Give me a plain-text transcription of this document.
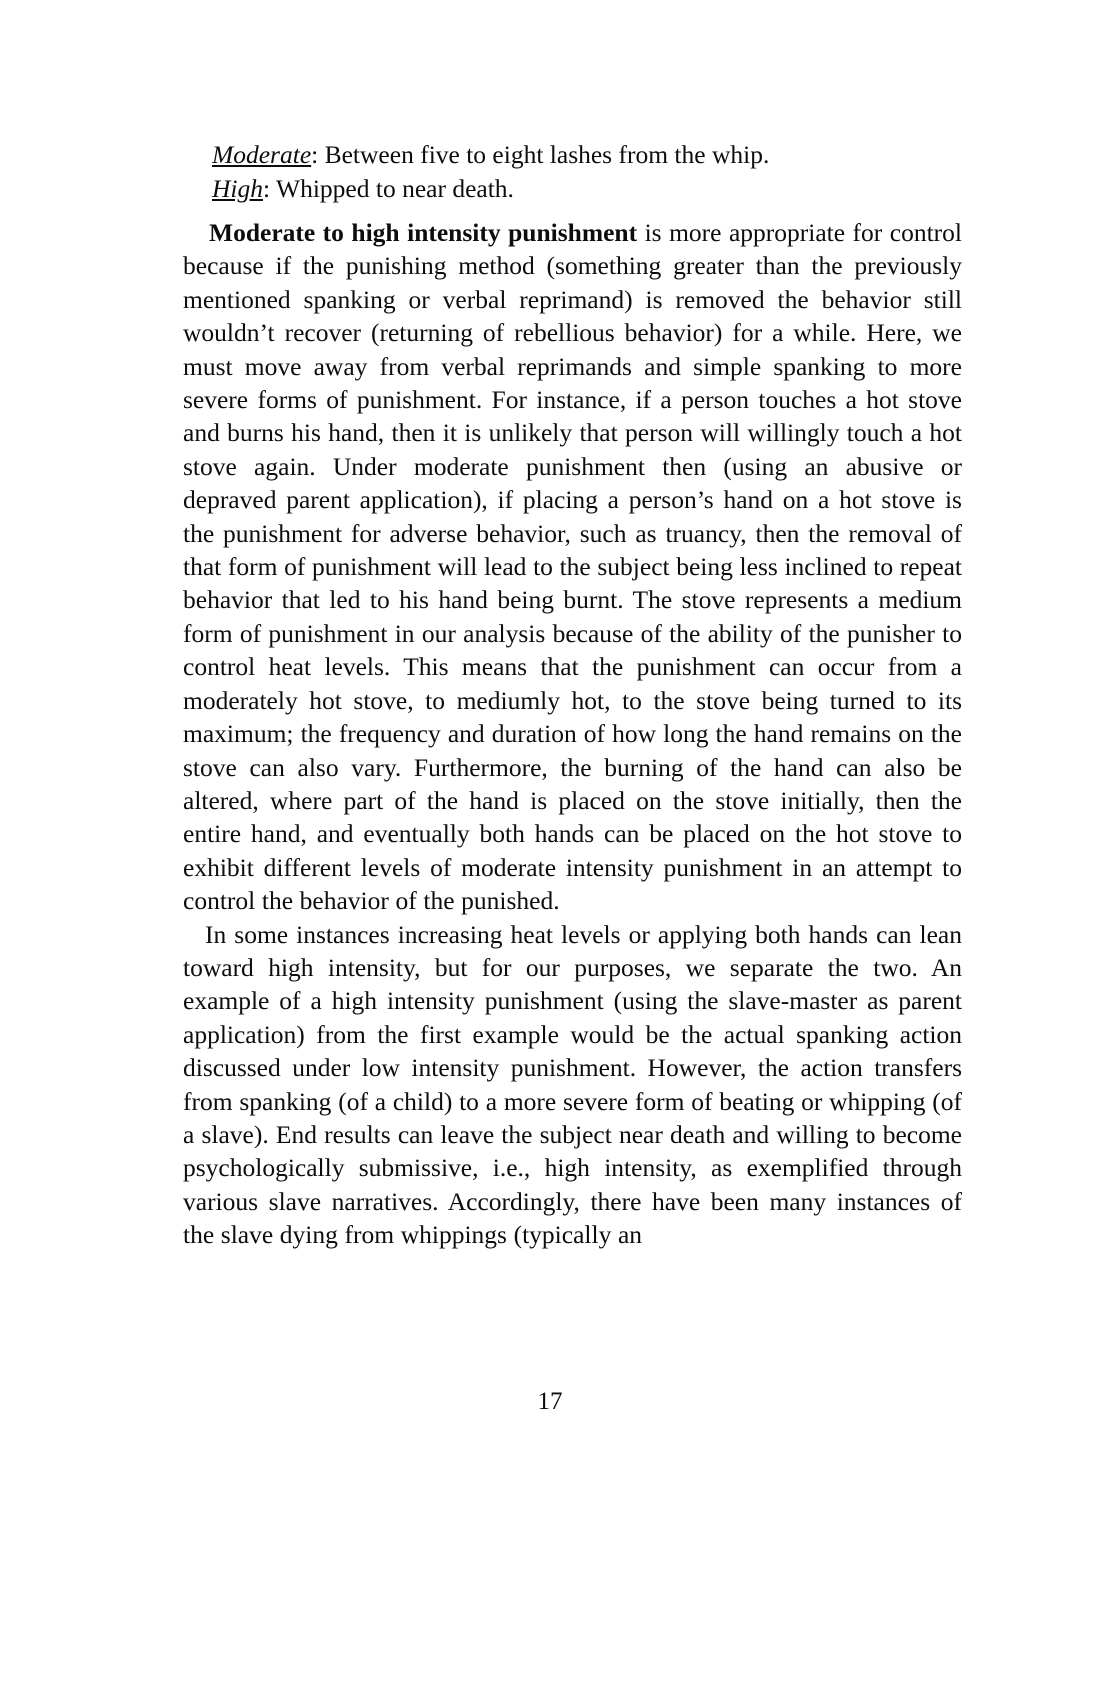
Moderate: Between five to eight lashes from the whip.
High: Whipped to near death.

Moderate to high intensity punishment is more appropriate for control because if the punishing method (something greater than the previously mentioned spanking or verbal reprimand) is removed the behavior still wouldn’t recover (returning of rebellious behavior) for a while. Here, we must move away from verbal reprimands and simple spanking to more severe forms of punishment. For instance, if a person touches a hot stove and burns his hand, then it is unlikely that person will willingly touch a hot stove again. Under moderate punishment then (using an abusive or depraved parent application), if placing a person’s hand on a hot stove is the punishment for adverse behavior, such as truancy, then the removal of that form of punishment will lead to the subject being less inclined to repeat behavior that led to his hand being burnt. The stove represents a medium form of punishment in our analysis because of the ability of the punisher to control heat levels. This means that the punishment can occur from a moderately hot stove, to mediumly hot, to the stove being turned to its maximum; the frequency and duration of how long the hand remains on the stove can also vary. Furthermore, the burning of the hand can also be altered, where part of the hand is placed on the stove initially, then the entire hand, and eventually both hands can be placed on the hot stove to exhibit different levels of moderate intensity punishment in an attempt to control the behavior of the punished.

In some instances increasing heat levels or applying both hands can lean toward high intensity, but for our purposes, we separate the two. An example of a high intensity punishment (using the slave-master as parent application) from the first example would be the actual spanking action discussed under low intensity punishment. However, the action transfers from spanking (of a child) to a more severe form of beating or whipping (of a slave). End results can leave the subject near death and willing to become psychologically submissive, i.e., high intensity, as exemplified through various slave narratives. Accordingly, there have been many instances of the slave dying from whippings (typically an

17
